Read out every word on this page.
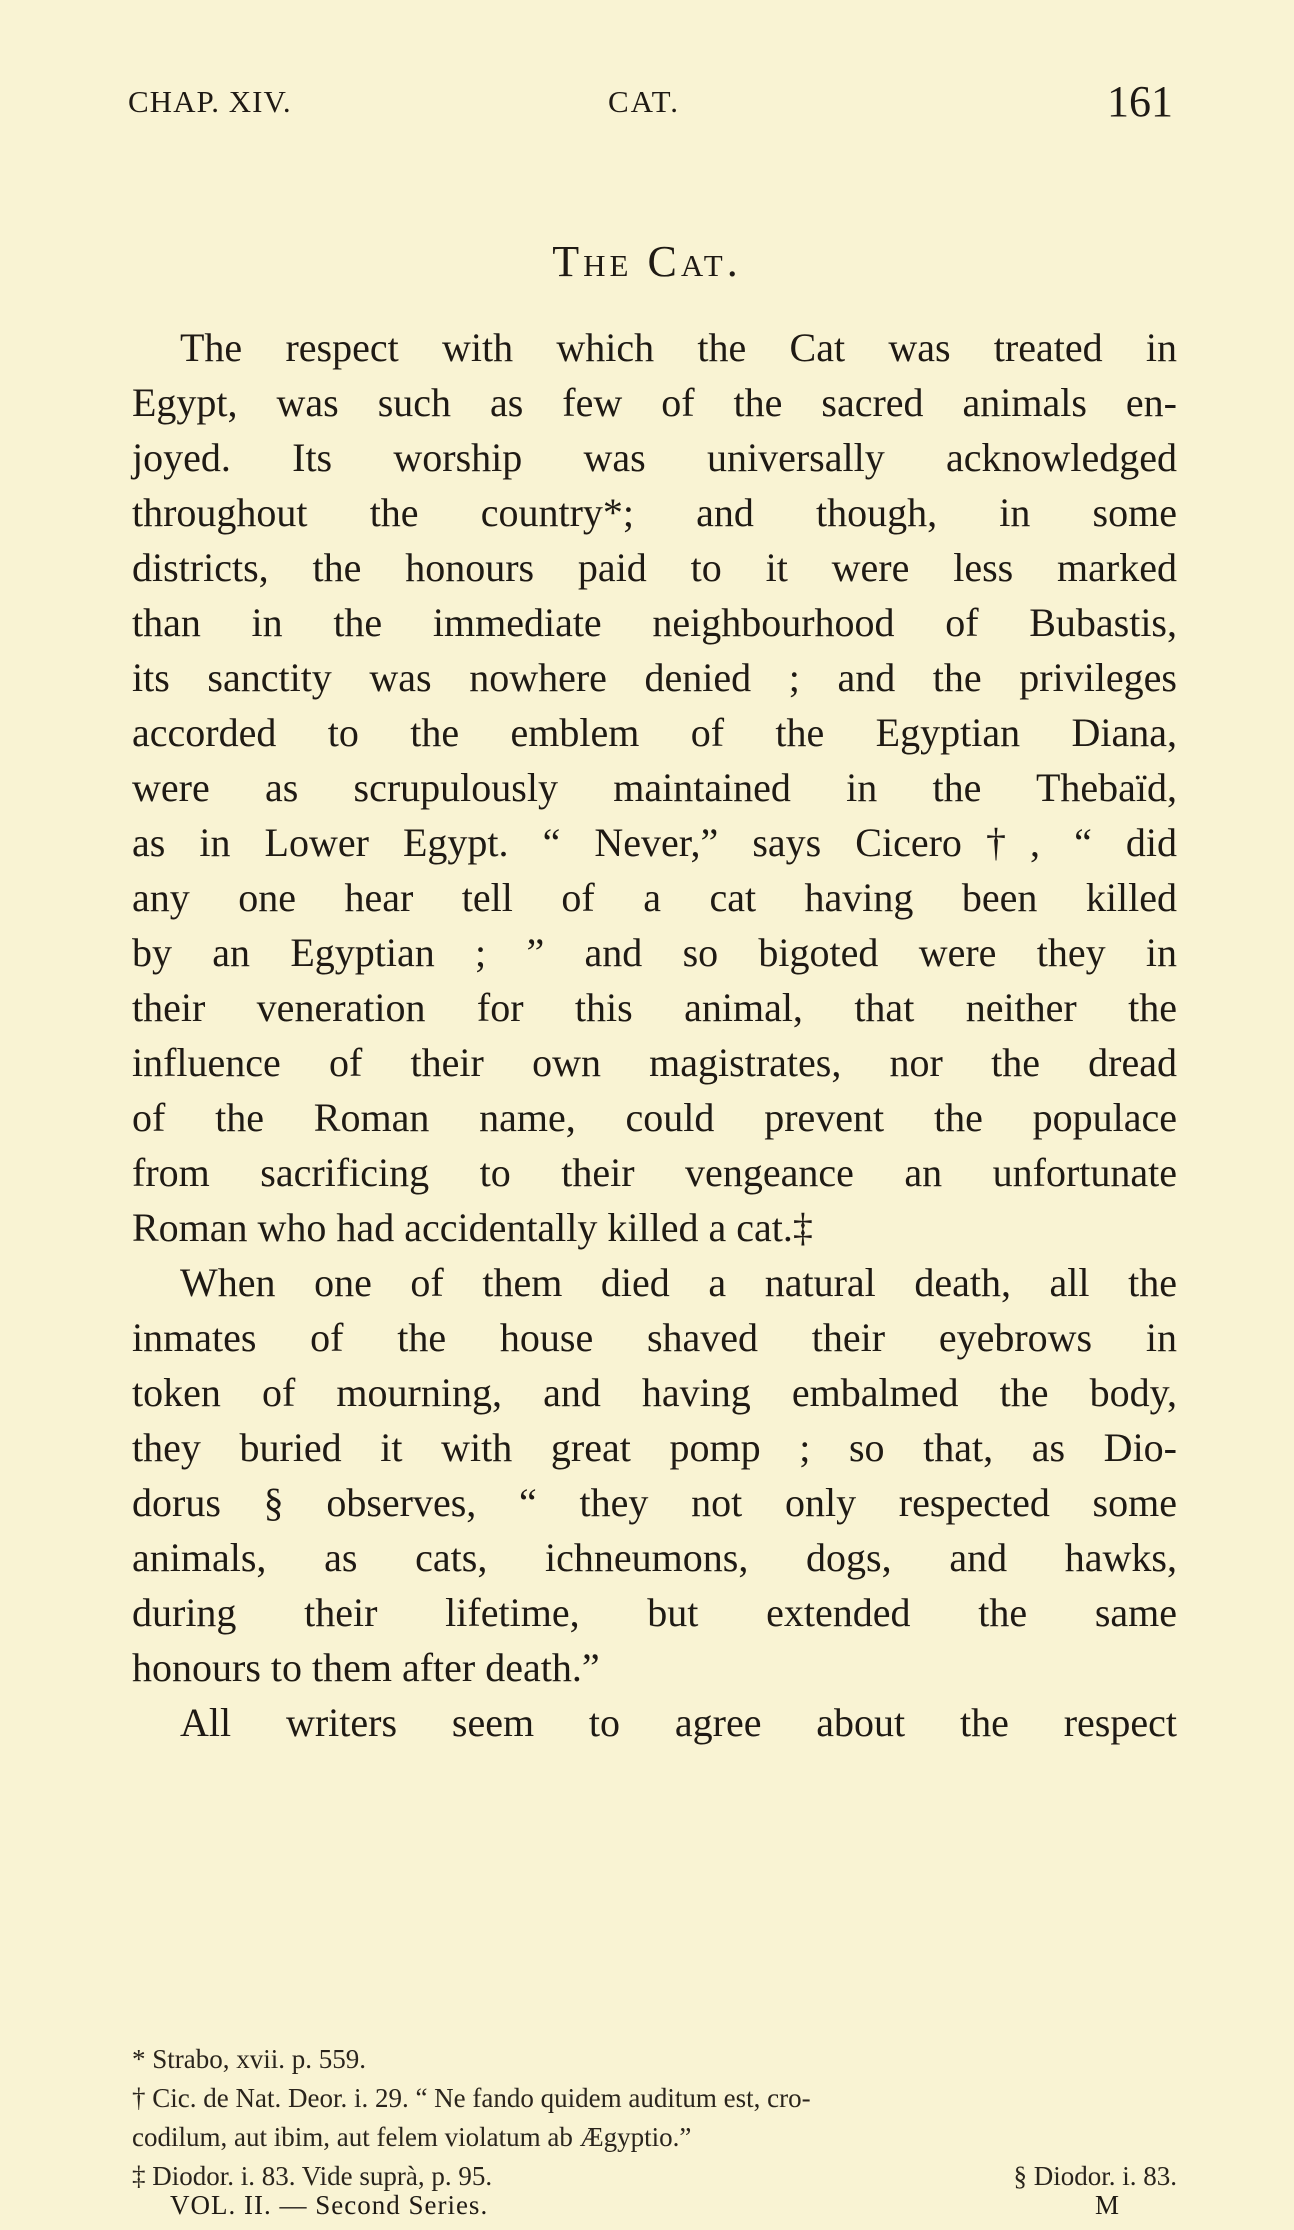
CHAP. XIV.	CAT.	161
The Cat.

The respect with which the Cat was treated in

Egypt, was such as few of the sacred animals en-

joyed. Its worship was universally acknowledged

throughout the country*; and though, in some

districts, the honours paid to it were less marked

than in the immediate neighbourhood of Bubastis,

its sanctity was nowhere denied ; and the privileges

accorded to the emblem of the Egyptian Diana,

were as scrupulously maintained in the Thebaïd,

as in Lower Egypt. “ Never,” says Cicero†, “ did

any one hear tell of a cat having been killed

by an Egyptian ; ” and so bigoted were they in

their veneration for this animal, that neither the

influence of their own magistrates, nor the dread

of the Roman name, could prevent the populace

from sacrificing to their vengeance an unfortunate

Roman who had accidentally killed a cat.‡

When one of them died a natural death, all the

inmates of the house shaved their eyebrows in

token of mourning, and having embalmed the body,

they buried it with great pomp ; so that, as Dio-

dorus § observes, “ they not only respected some

animals, as cats, ichneumons, dogs, and hawks,

during their lifetime, but extended the same

honours to them after death.”

All writers seem to agree about the respect

* Strabo, xvii. p. 559.

† Cic. de Nat. Deor. i. 29. “ Ne fando quidem auditum est, cro-

codilum, aut ibim, aut felem violatum ab Ægyptio.”

‡ Diodor. i. 83. Vide suprà, p. 95.	§ Diodor. i. 83.
VOL. II. — Second Series.	M
